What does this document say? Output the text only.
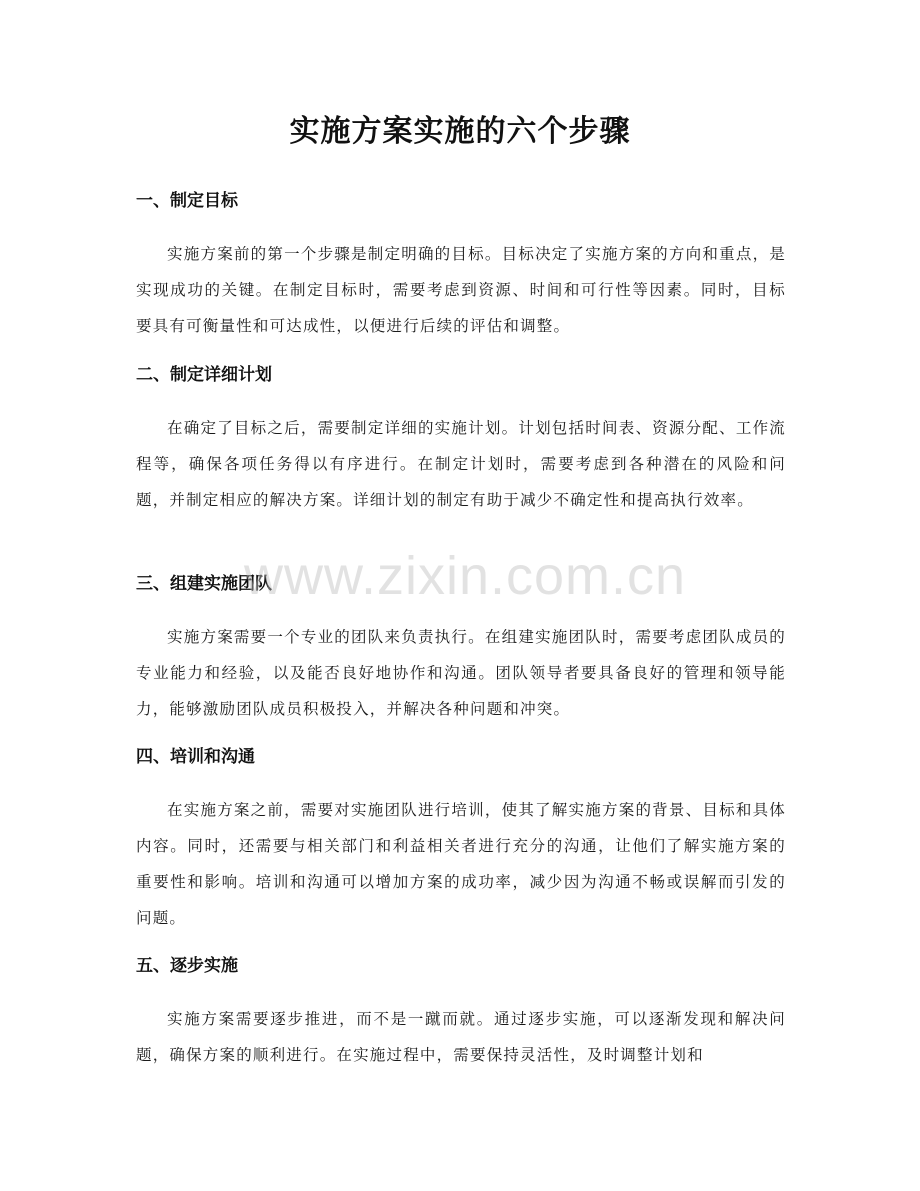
实施方案实施的六个步骤
一、制定目标

实施方案前的第一个步骤是制定明确的目标。目标决定了实施方案的方向和重点，是实现成功的关键。在制定目标时，需要考虑到资源、时间和可行性等因素。同时，目标要具有可衡量性和可达成性，以便进行后续的评估和调整。

二、制定详细计划

在确定了目标之后，需要制定详细的实施计划。计划包括时间表、资源分配、工作流程等，确保各项任务得以有序进行。在制定计划时，需要考虑到各种潜在的风险和问题，并制定相应的解决方案。详细计划的制定有助于减少不确定性和提高执行效率。

三、组建实施团队

实施方案需要一个专业的团队来负责执行。在组建实施团队时，需要考虑团队成员的专业能力和经验，以及能否良好地协作和沟通。团队领导者要具备良好的管理和领导能力，能够激励团队成员积极投入，并解决各种问题和冲突。

四、培训和沟通

在实施方案之前，需要对实施团队进行培训，使其了解实施方案的背景、目标和具体内容。同时，还需要与相关部门和利益相关者进行充分的沟通，让他们了解实施方案的重要性和影响。培训和沟通可以增加方案的成功率，减少因为沟通不畅或误解而引发的问题。

五、逐步实施

实施方案需要逐步推进，而不是一蹴而就。通过逐步实施，可以逐渐发现和解决问题，确保方案的顺利进行。在实施过程中，需要保持灵活性，及时调整计划和

www.zixin.com.cn
